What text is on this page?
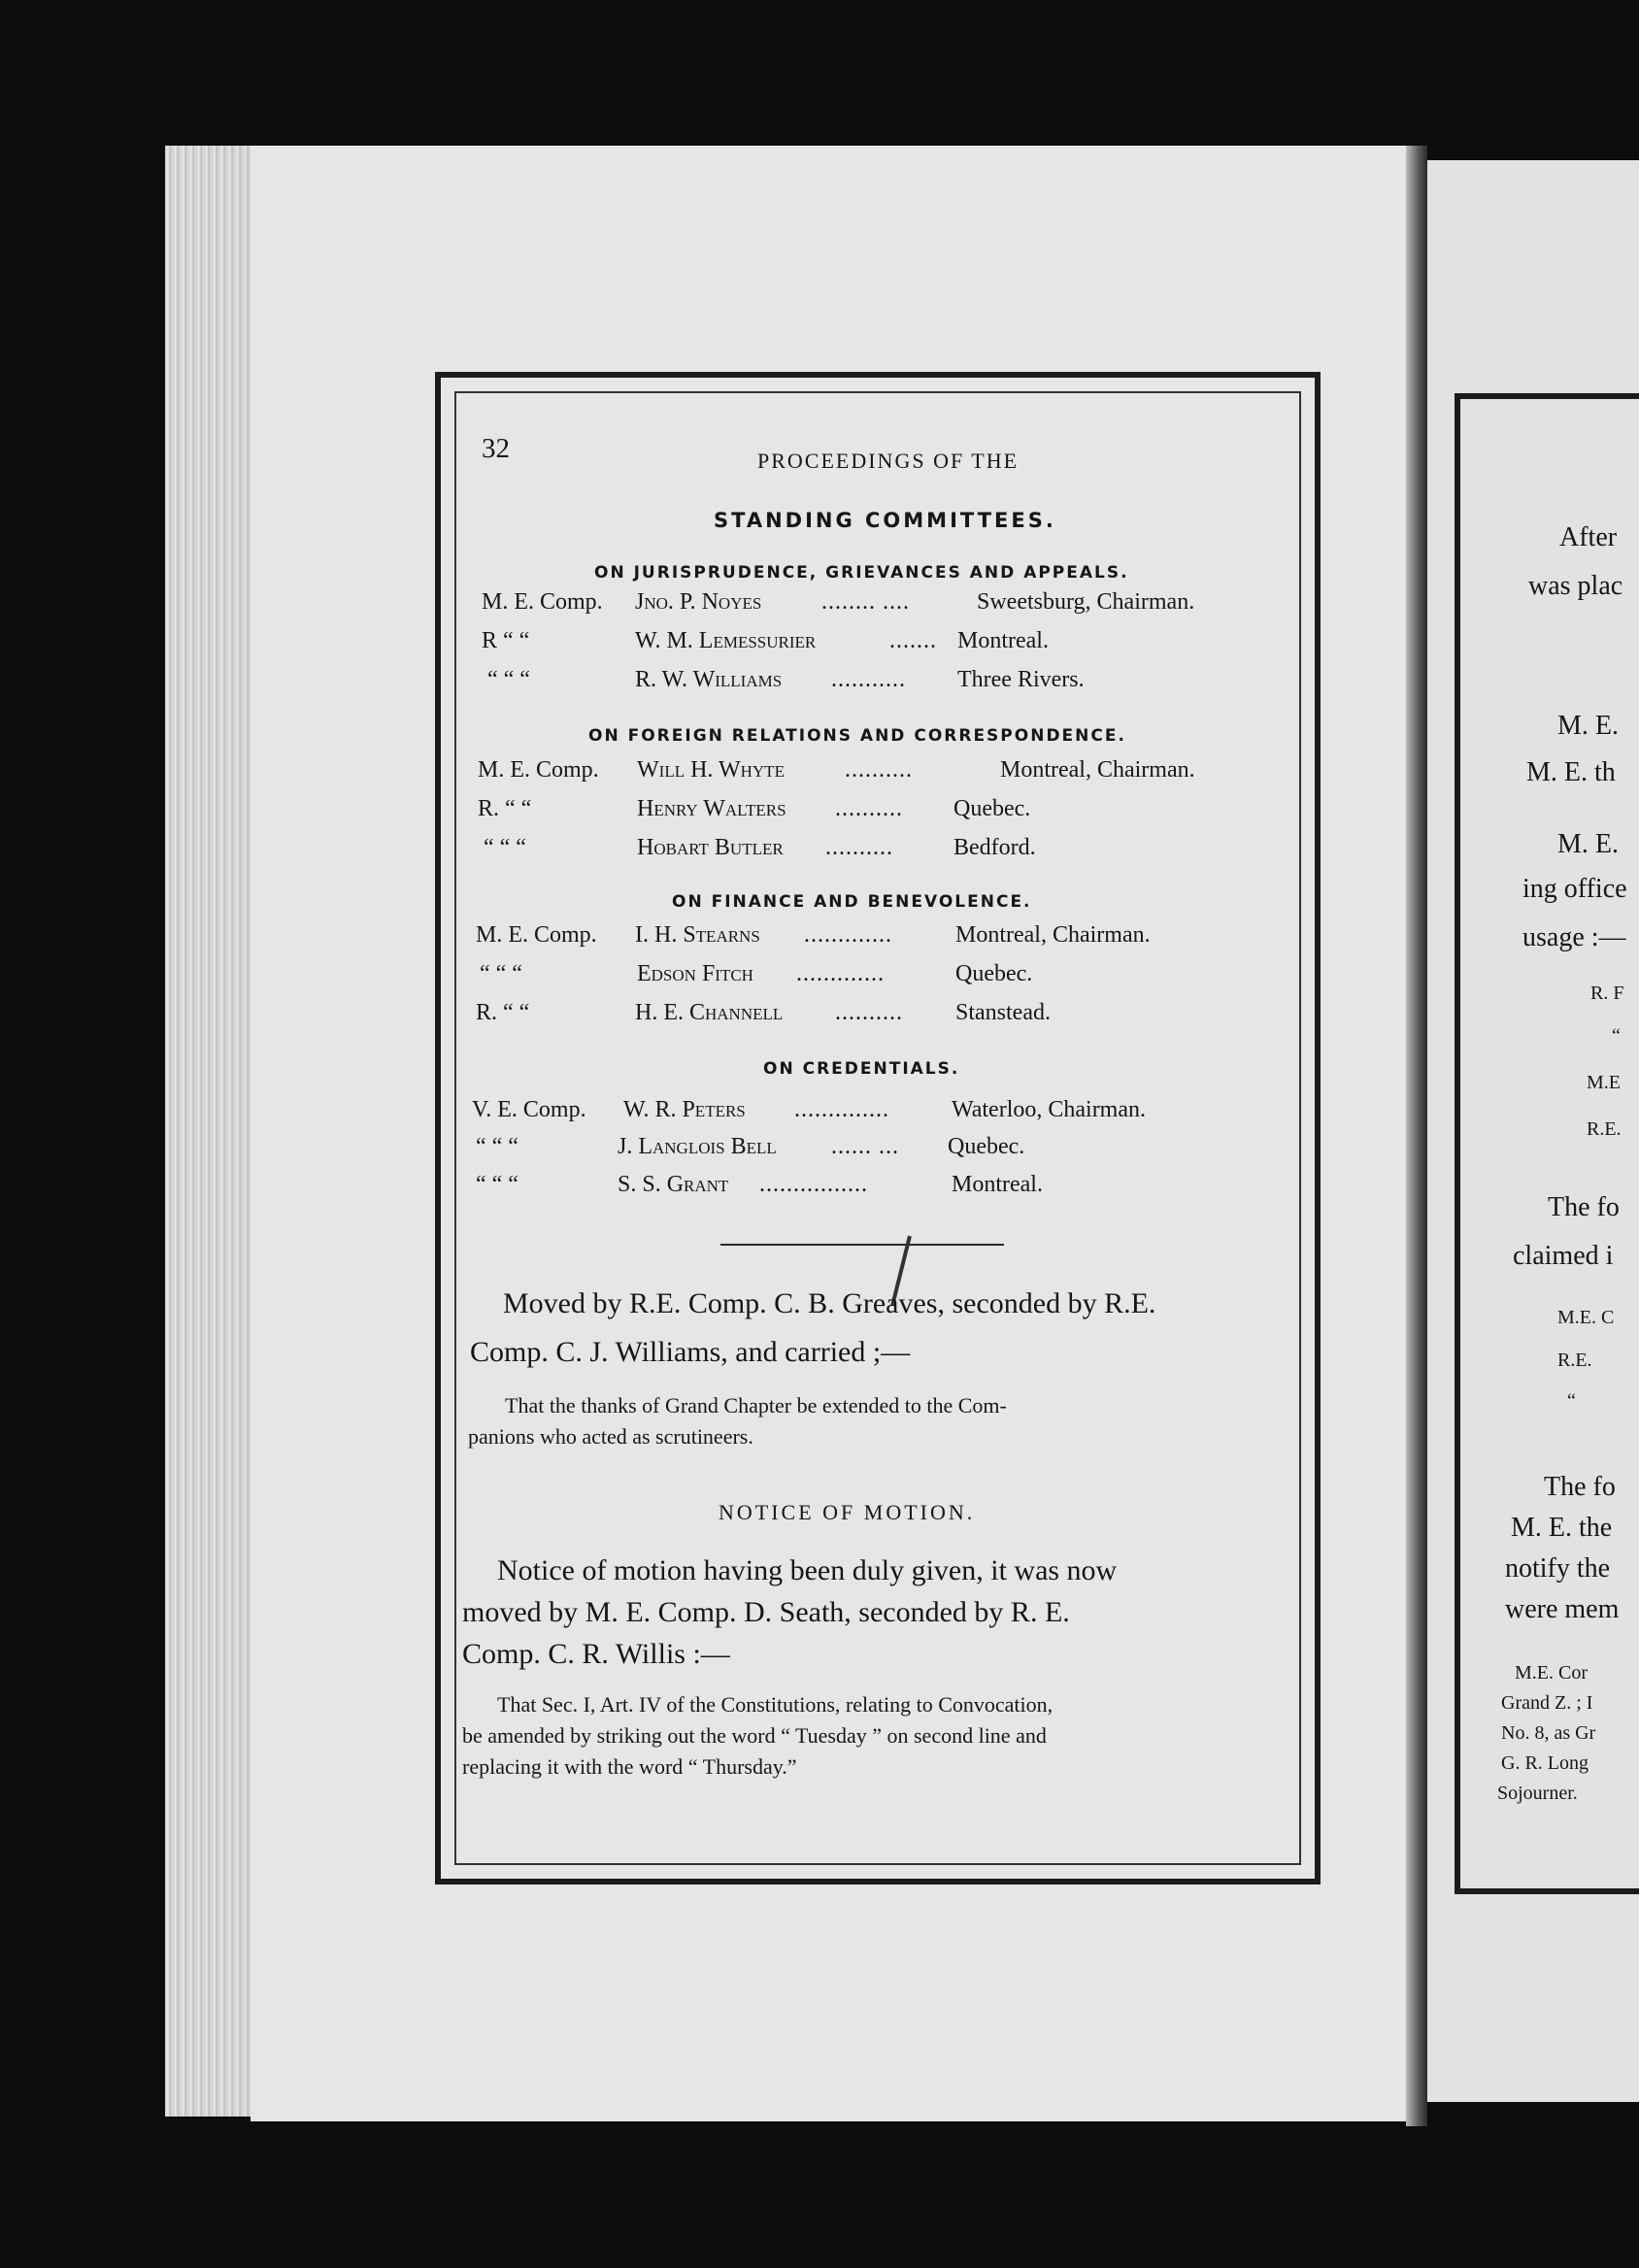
32	PROCEEDINGS OF THE
STANDING COMMITTEES.
ON JURISPRUDENCE, GRIEVANCES AND APPEALS.
M. E. Comp. Jno. P. Noyes	........ ....	Sweetsburg, Chairman.
R “ “	W. M. Lemessurier	....... Montreal.
“ “ “	R. W. Williams ........... Three Rivers.
ON FOREIGN RELATIONS AND CORRESPONDENCE.
M. E. Comp. Will H. Whyte	..........	Montreal, Chairman.
R. “ “	Henry Walters .......... Quebec.
“ “ “	Hobart Butler ..........	Bedford.
ON FINANCE AND BENEVOLENCE.
M. E. Comp. I. H. Stearns .............	Montreal, Chairman.
“ “ “	Edson Fitch .............	Quebec.
R. “ “	H. E. Channell .......... Stanstead.
ON CREDENTIALS.
V. E. Comp. W. R. Peters ..............	Waterloo, Chairman.
“ “ “	J. Langlois Bell ...... ... Quebec.
“ “ “	S. S. Grant ................	Montreal.
Moved by R.E. Comp. C. B. Greaves, seconded by R.E.
Comp. C. J. Williams, and carried ;—
That the thanks of Grand Chapter be extended to the Com-
panions who acted as scrutineers.
NOTICE OF MOTION.
Notice of motion having been duly given, it was now
moved by M. E. Comp. D. Seath, seconded by R. E.
Comp. C. R. Willis :—
That Sec. I, Art. IV of the Constitutions, relating to Convocation,
be amended by striking out the word “ Tuesday ” on second line and
replacing it with the word “ Thursday.”
After
was plac
M. E.
M. E. th
M. E.
ing office
usage :—
R. F
“
M.E
R.E.
The fo
claimed i
M.E. C
R.E.
“
The fo
M. E. the
notify the
were mem
M.E. Cor
Grand Z. ; I
No. 8, as Gr
G. R. Long
Sojourner.
